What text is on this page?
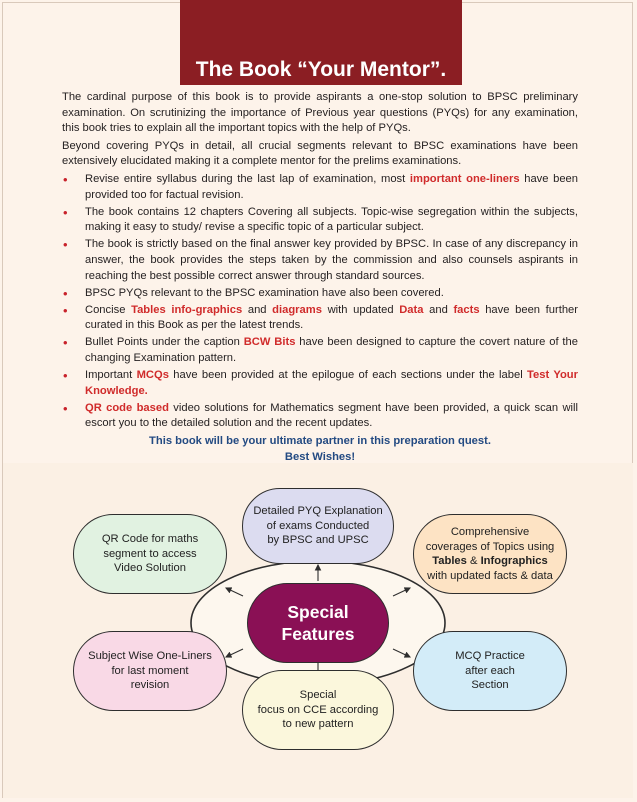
The Book “Your Mentor”.

The cardinal purpose of this book is to provide aspirants a one-stop solution to BPSC preliminary examination. On scrutinizing the importance of Previous year questions (PYQs) for any examination, this book tries to explain all the important topics with the help of PYQs.

Beyond covering PYQs in detail, all crucial segments relevant to BPSC examinations have been extensively elucidated making it a complete mentor for the prelims examinations.

• Revise entire syllabus during the last lap of examination, most important one-liners have been provided too for factual revision.
• The book contains 12 chapters Covering all subjects. Topic-wise segregation within the subjects, making it easy to study/ revise a specific topic of a particular subject.
• The book is strictly based on the final answer key provided by BPSC. In case of any discrepancy in answer, the book provides the steps taken by the commission and also counsels aspirants in reaching the best possible correct answer through standard sources.
• BPSC PYQs relevant to the BPSC examination have also been covered.
• Concise Tables info-graphics and diagrams with updated Data and facts have been further curated in this Book as per the latest trends.
• Bullet Points under the caption BCW Bits have been designed to capture the covert nature of the changing Examination pattern.
• Important MCQs have been provided at the epilogue of each sections under the label Test Your Knowledge.
• QR code based video solutions for Mathematics segment have been provided, a quick scan will escort you to the detailed solution and the recent updates.
This book will be your ultimate partner in this preparation quest.
Best Wishes!
Detailed PYQ Explanation
of exams Conducted
by BPSC and UPSC
Comprehensive
coverages of Topics using
Tables & Infographics
with updated facts & data
MCQ Practice
after each
Section
Special
focus on CCE according
to new pattern
Subject Wise One-Liners
for last moment
revision
QR Code for maths
segment to access
Video Solution
Special
Features
